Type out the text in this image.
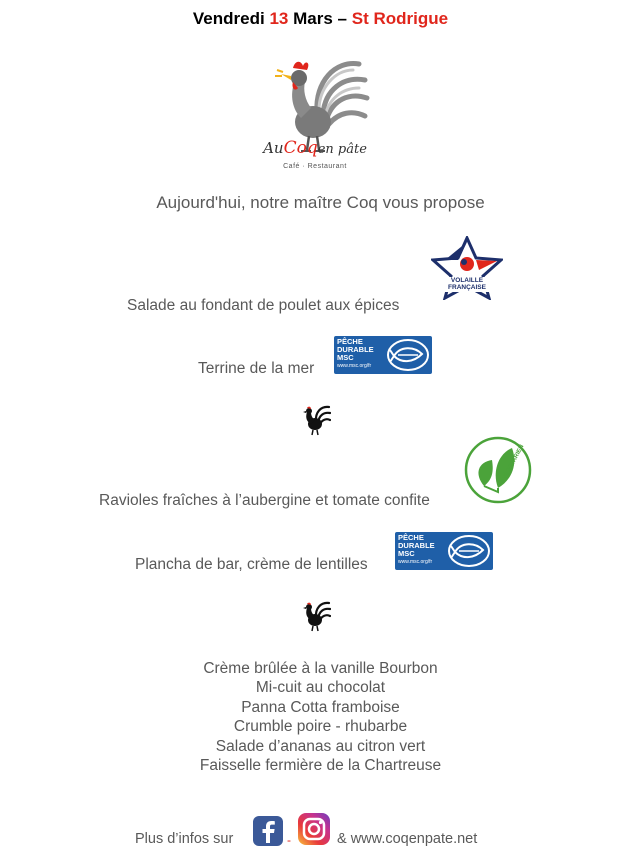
Vendredi 13 Mars – St Rodrigue
AuCoqen pâte
Café · Restaurant
Aujourd'hui, notre maître Coq vous propose
Salade au fondant de poulet aux épices
VOLAILLE
FRANÇAISE
Terrine de la mer
PÊCHE
DURABLE
MSC
www.msc.org/fr
Ravioles fraîches à l’aubergine et tomate confite
VÉGÉTARIEN
Plancha de bar, crème de lentilles
PÊCHE
DURABLE
MSC
www.msc.org/fr
Crème brûlée à la vanille Bourbon
Mi-cuit au chocolat
Panna Cotta framboise
Crumble poire - rhubarbe
Salade d’ananas au citron vert
Faisselle fermière de la Chartreuse
Plus d’infos sur	-	& www.coqenpate.net
